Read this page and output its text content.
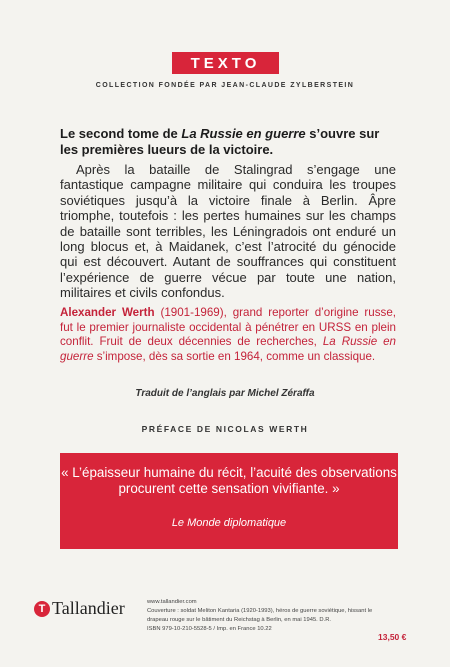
TEXTO
COLLECTION FONDÉE PAR JEAN-CLAUDE ZYLBERSTEIN
Le second tome de La Russie en guerre s’ouvre sur les premières lueurs de la victoire.
Après la bataille de Stalingrad s’engage une fantastique campagne militaire qui conduira les troupes soviétiques jusqu’à la victoire finale à Berlin. Âpre triomphe, toutefois : les pertes humaines sur les champs de bataille sont terribles, les Léningradois ont enduré un long blocus et, à Maidanek, c’est l’atrocité du génocide qui est découvert. Autant de souffrances qui constituent l’expérience de guerre vécue par toute une nation, militaires et civils confondus.
Alexander Werth (1901-1969), grand reporter d’origine russe, fut le premier journaliste occidental à pénétrer en URSS en plein conflit. Fruit de deux décennies de recherches, La Russie en guerre s’impose, dès sa sortie en 1964, comme un classique.
Traduit de l’anglais par Michel Zéraffa
PRÉFACE DE NICOLAS WERTH
« L’épaisseur humaine du récit, l’acuité des observations procurent cette sensation vivifiante. »
Le Monde diplomatique
T Tallandier	www.tallandier.com
Couverture : soldat Meliton Kantaria (1920-1993), héros de guerre soviétique, hissant le drapeau rouge sur le bâtiment du Reichstag à Berlin, en mai 1945. D.R.
ISBN 979-10-210-5528-5 / Imp. en France 10.22
13,50 €
